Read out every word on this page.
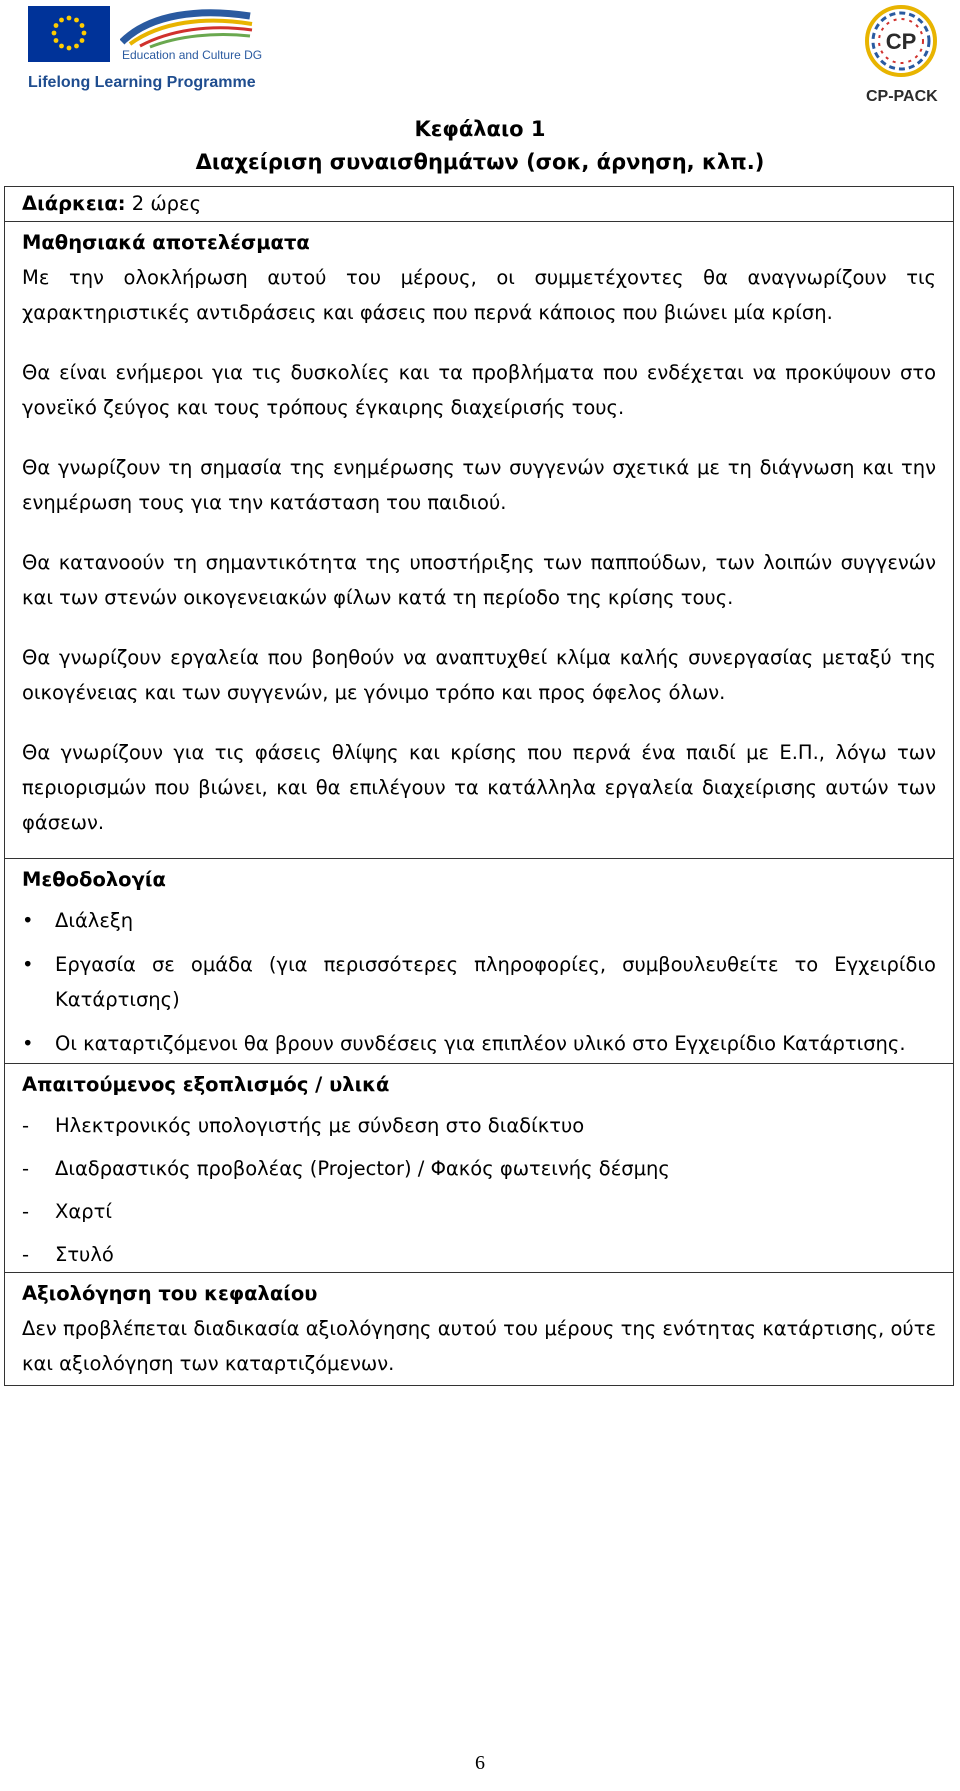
Education and Culture DG
Lifelong Learning Programme
CP
CP-PACK
Κεφάλαιο 1
Διαχείριση συναισθημάτων (σοκ, άρνηση, κλπ.)

Διάρκεια: 2 ώρες

Μαθησιακά αποτελέσματα

Με την ολοκλήρωση αυτού του μέρους, οι συμμετέχοντες θα αναγνωρίζουν τις χαρακτηριστικές αντιδράσεις και φάσεις που περνά κάποιος που βιώνει μία κρίση.

Θα είναι ενήμεροι για τις δυσκολίες και τα προβλήματα που ενδέχεται να προκύψουν στο γονεϊκό ζεύγος και τους τρόπους έγκαιρης διαχείρισής τους.

Θα γνωρίζουν τη σημασία της ενημέρωσης των συγγενών σχετικά με τη διάγνωση και την ενημέρωση τους για την κατάσταση του παιδιού.

Θα κατανοούν τη σημαντικότητα της υποστήριξης των παππούδων, των λοιπών συγγενών και των στενών οικογενειακών φίλων κατά τη περίοδο της κρίσης τους.

Θα γνωρίζουν εργαλεία που βοηθούν να αναπτυχθεί κλίμα καλής συνεργασίας μεταξύ της οικογένειας και των συγγενών, με γόνιμο τρόπο και προς όφελος όλων.

Θα γνωρίζουν για τις φάσεις θλίψης και κρίσης που περνά ένα παιδί με Ε.Π., λόγω των περιορισμών που βιώνει, και θα επιλέγουν τα κατάλληλα εργαλεία διαχείρισης αυτών των φάσεων.

Μεθοδολογία

• Διάλεξη
• Εργασία σε ομάδα (για περισσότερες πληροφορίες, συμβουλευθείτε το Εγχειρίδιο Κατάρτισης)
• Οι καταρτιζόμενοι θα βρουν συνδέσεις για επιπλέον υλικό στο Εγχειρίδιο Κατάρτισης.

Απαιτούμενος εξοπλισμός / υλικά

- Ηλεκτρονικός υπολογιστής με σύνδεση στο διαδίκτυο
- Διαδραστικός προβολέας (Projector) / Φακός φωτεινής δέσμης
- Χαρτί
- Στυλό

Αξιολόγηση του κεφαλαίου

Δεν προβλέπεται διαδικασία αξιολόγησης αυτού του μέρους της ενότητας κατάρτισης, ούτε και αξιολόγηση των καταρτιζόμενων.

6
